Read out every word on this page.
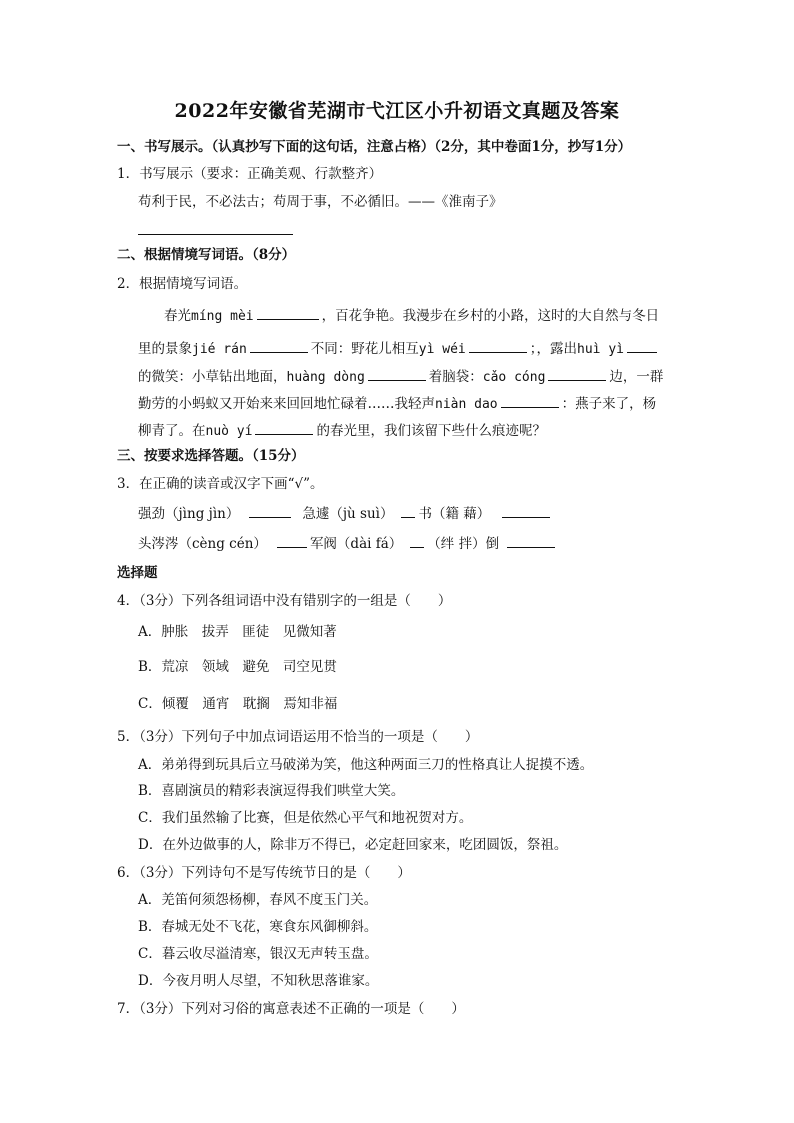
2022年安徽省芜湖市弋江区小升初语文真题及答案
一、书写展示。（认真抄写下面的这句话，注意占格）（2分，其中卷面1分，抄写1分）
1．书写展示（要求：正确美观、行款整齐）
苟利于民，不必法古；苟周于事，不必循旧。——《淮南子》
二、根据情境写词语。（8分）
2．根据情境写词语。
春光míng mèi	，百花争艳。我漫步在乡村的小路，这时的大自然与冬日
里的景象jié rán	不同：野花儿相互yì wéi	；，露出huì yì
的微笑：小草钻出地面，huàng dòng	着脑袋：cǎo cóng	边，一群
勤劳的小蚂蚁又开始来来回回地忙碌着……我轻声niàn dao	：燕子来了，杨
柳青了。在nuò yí	的春光里，我们该留下些什么痕迹呢？
三、按要求选择答题。（15分）
3．在正确的读音或汉字下画“√”。
强劲（jìng jìn）	急遽（jù suì） 书（籍 藉）
头涔涔（cèng cén）	军阀（dài fá） （绊 拌）倒
选择题
4．（3分）下列各组词语中没有错别字的一组是（　　）
A．肿胀　拔弄　匪徒　见微知著
B．荒凉　领域　避免　司空见贯
C．倾覆　通宵　耽搁　焉知非福
5．（3分）下列句子中加点词语运用不恰当的一项是（　　）
A．弟弟得到玩具后立马破涕为笑，他这种两面三刀的性格真让人捉摸不透。
B．喜剧演员的精彩表演逗得我们哄堂大笑。
C．我们虽然输了比赛，但是依然心平气和地祝贺对方。
D．在外边做事的人，除非万不得已，必定赶回家来，吃团圆饭，祭祖。
6．（3分）下列诗句不是写传统节日的是（　　）
A．羌笛何须怨杨柳，春风不度玉门关。
B．春城无处不飞花，寒食东风御柳斜。
C．暮云收尽溢清寒，银汉无声转玉盘。
D．今夜月明人尽望，不知秋思落谁家。
7．（3分）下列对习俗的寓意表述不正确的一项是（　　）
